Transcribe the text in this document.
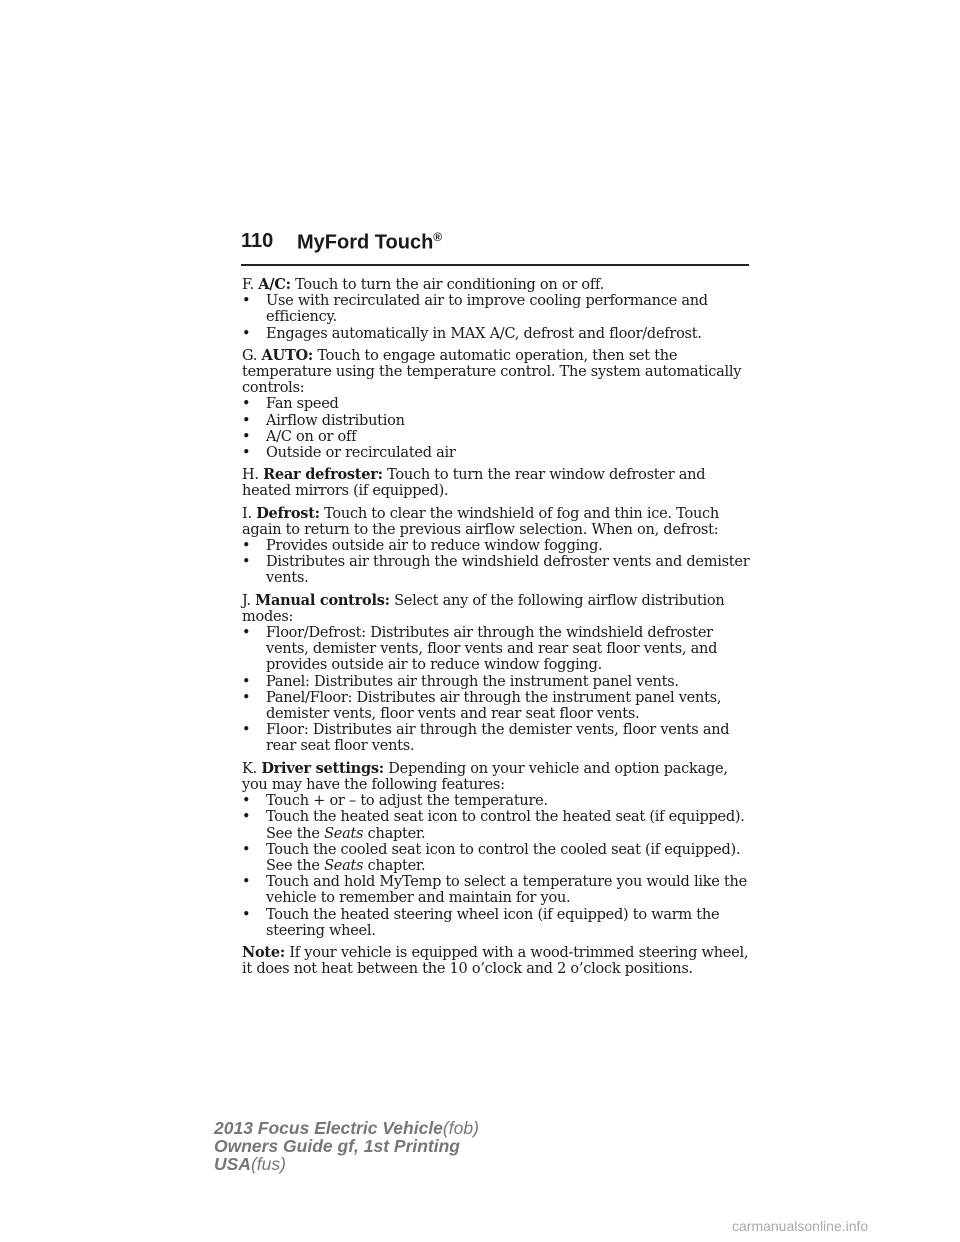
110 MyFord Touch®

F. A/C: Touch to turn the air conditioning on or off.

•	Use with recirculated air to improve cooling performance and efficiency.
•	Engages automatically in MAX A/C, defrost and floor/defrost.

G. AUTO: Touch to engage automatic operation, then set the temperature using the temperature control. The system automatically controls:

•	Fan speed
•	Airflow distribution
•	A/C on or off
•	Outside or recirculated air

H. Rear defroster: Touch to turn the rear window defroster and heated mirrors (if equipped).

I. Defrost: Touch to clear the windshield of fog and thin ice. Touch again to return to the previous airflow selection. When on, defrost:

•	Provides outside air to reduce window fogging.
•	Distributes air through the windshield defroster vents and demister vents.

J. Manual controls: Select any of the following airflow distribution modes:

•	Floor/Defrost: Distributes air through the windshield defroster vents, demister vents, floor vents and rear seat floor vents, and provides outside air to reduce window fogging.
•	Panel: Distributes air through the instrument panel vents.
•	Panel/Floor: Distributes air through the instrument panel vents, demister vents, floor vents and rear seat floor vents.
•	Floor: Distributes air through the demister vents, floor vents and rear seat floor vents.

K. Driver settings: Depending on your vehicle and option package, you may have the following features:

•	Touch + or – to adjust the temperature.
•	Touch the heated seat icon to control the heated seat (if equipped). See the Seats chapter.
•	Touch the cooled seat icon to control the cooled seat (if equipped). See the Seats chapter.
•	Touch and hold MyTemp to select a temperature you would like the vehicle to remember and maintain for you.
•	Touch the heated steering wheel icon (if equipped) to warm the steering wheel.

Note: If your vehicle is equipped with a wood-trimmed steering wheel, it does not heat between the 10 o’clock and 2 o’clock positions.

2013 Focus Electric Vehicle(fob)
Owners Guide gf, 1st Printing
USA(fus)
carmanualsonline.info
